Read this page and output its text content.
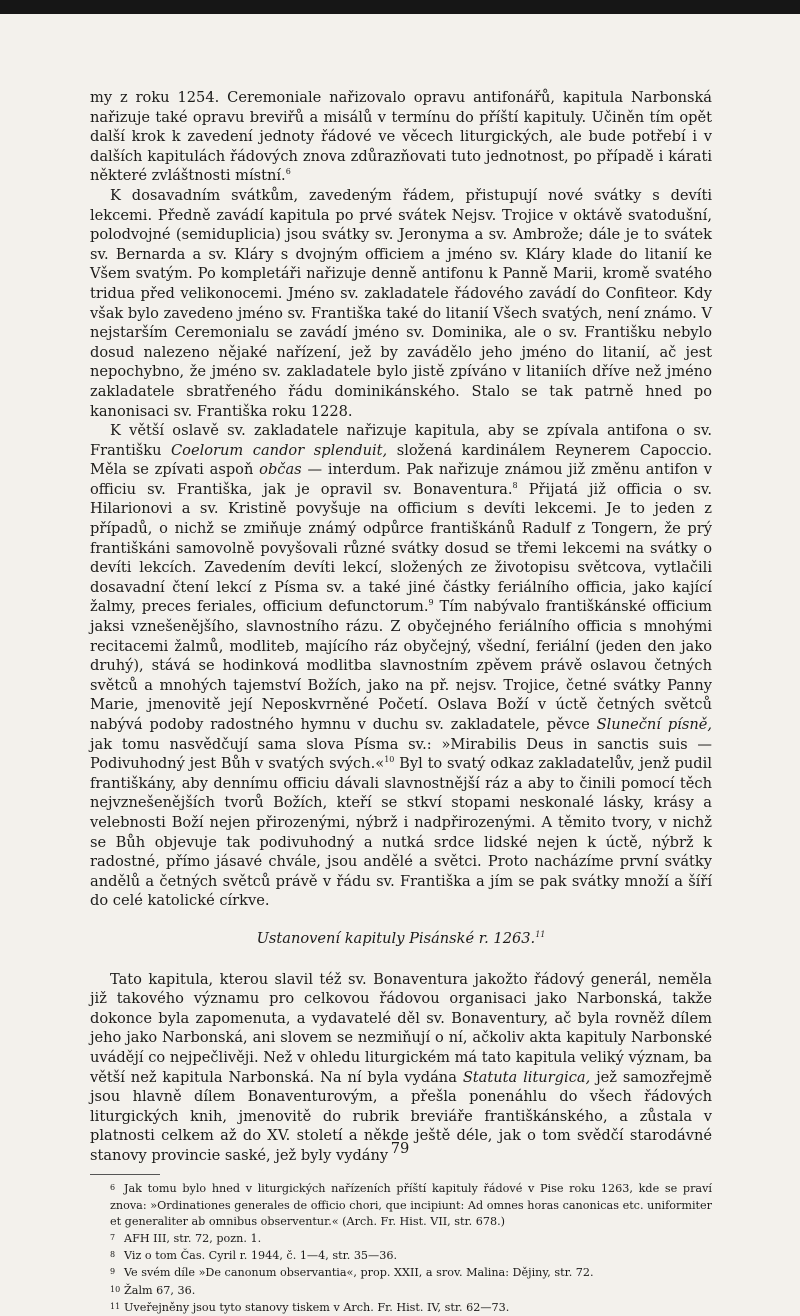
my z roku 1254. Ceremoniale nařizovalo opravu antifonářů, kapitula Narbonská nařizuje také opravu breviřů a misálů v termínu do příští kapituly. Učiněn tím opět další krok k zavedení jednoty řádové ve věcech liturgických, ale bude potřebí i v dalších kapitulách řádových znova zdůrazňovati tuto jednotnost, po případě i kárati některé zvláštnosti místní.$^6$

K dosavadním svátkům, zavedeným řádem, přistupují nové svátky s devíti lekcemi. Předně zavádí kapitula po prvé svátek Nejsv. Trojice v oktávě svatodušní, polodvojné (semiduplicia) jsou svátky sv. Jeronyma a sv. Ambrože; dále je to svátek sv. Bernarda a sv. Kláry s dvojným officiem a jméno sv. Kláry klade do litanií ke Všem svatým. Po kompletáři nařizuje denně antifonu k Panně Marii, kromě svatého tridua před velikonocemi. Jméno sv. zakladatele řádového zavádí do Confiteor. Kdy však bylo zavedeno jméno sv. Františka také do litanií Všech svatých, není známo. V nejstarším Ceremonialu se zavádí jméno sv. Dominika, ale o sv. Františku nebylo dosud nalezeno nějaké nařízení, jež by zavádělo jeho jméno do litanií, ač jest nepochybno, že jméno sv. zakladatele bylo jistě zpíváno v litaniích dříve než jméno zakladatele sbratřeného řádu dominikánského. Stalo se tak patrně hned po kanonisaci sv. Františka roku 1228.

K větší oslavě sv. zakladatele nařizuje kapitula, aby se zpívala antifona o sv. Františku Coelorum candor splenduit, složená kardinálem Reynerem Capoccio. Měla se zpívati aspoň občas — interdum. Pak nařizuje známou již změnu antifon v officiu sv. Františka, jak je opravil sv. Bonaventura.$^8$ Přijatá již officia o sv. Hilarionovi a sv. Kristině povyšuje na officium s devíti lekcemi. Je to jeden z případů, o nichž se zmiňuje známý odpůrce františkánů Radulf z Tongern, že prý františkáni samovolně povyšovali různé svátky dosud se třemi lekcemi na svátky o devíti lekcích. Zavedením devíti lekcí, složených ze životopisu světcova, vytlačili dosavadní čtení lekcí z Písma sv. a také jiné částky feriálního officia, jako kající žalmy, preces feriales, officium defunctorum.$^9$ Tím nabývalo františkánské officium jaksi vznešenějšího, slavnostního rázu. Z obyčejného feriálního officia s mnohými recitacemi žalmů, modliteb, majícího ráz obyčejný, všední, feriální (jeden den jako druhý), stává se hodinková modlitba slavnostním zpěvem právě oslavou četných světců a mnohých tajemství Božích, jako na př. nejsv. Trojice, četné svátky Panny Marie, jmenovitě její Neposkvrněné Početí. Oslava Boží v úctě četných světců nabývá podoby radostného hymnu v duchu sv. zakladatele, pěvce Sluneční písně, jak tomu nasvědčují sama slova Písma sv.: »Mirabilis Deus in sanctis suis — Podivuhodný jest Bůh v svatých svých.«$^{10}$ Byl to svatý odkaz zakladatelův, jenž pudil františkány, aby dennímu officiu dávali slavnostnější ráz a aby to činili pomocí těch nejvznešenějších tvorů Božích, kteří se stkví stopami neskonalé lásky, krásy a velebnosti Boží nejen přirozenými, nýbrž i nadpřirozenými. A těmito tvory, v nichž se Bůh objevuje tak podivuhodný a nutká srdce lidské nejen k úctě, nýbrž k radostné, přímo jásavé chvále, jsou andělé a světci. Proto nacházíme první svátky andělů a četných světců právě v řádu sv. Františka a jím se pak svátky množí a šíří do celé katolické církve.

Ustanovení kapituly Pisánské r. 1263.11

Tato kapitula, kterou slavil též sv. Bonaventura jakožto řádový generál, neměla již takového významu pro celkovou řádovou organisaci jako Narbonská, takže dokonce byla zapomenuta, a vydavatelé děl sv. Bonaventury, ač byla rovněž dílem jeho jako Narbonská, ani slovem se nezmiňují o ní, ačkoliv akta kapituly Narbonské uvádějí co nejpečlivěji. Než v ohledu liturgickém má tato kapitula veliký význam, ba větší než kapitula Narbonská. Na ní byla vydána Statuta liturgica, jež samozřejmě jsou hlavně dílem Bonaventurovým, a přešla ponenáhlu do všech řádových liturgických knih, jmenovitě do rubrik breviáře františkánského, a zůstala v platnosti celkem až do XV. století a někde ještě déle, jak o tom svědčí starodávné stanovy provincie saské, jež byly vydány

6 Jak tomu bylo hned v liturgických nařízeních příští kapituly řádové v Pise roku 1263, kde se praví znova: »Ordinationes generales de officio chori, que incipiunt: Ad omnes horas canonicas etc. uniformiter et generaliter ab omnibus observentur.« (Arch. Fr. Hist. VII, str. 678.)

7 AFH III, str. 72, pozn. 1.

8 Viz o tom Čas. Cyril r. 1944, č. 1—4, str. 35—36.

9 Ve svém díle »De canonum observantia«, prop. XXII, a srov. Malina: Dějiny, str. 72.

10 Žalm 67, 36.

11 Uveřejněny jsou tyto stanovy tiskem v Arch. Fr. Hist. IV, str. 62—73.

79
